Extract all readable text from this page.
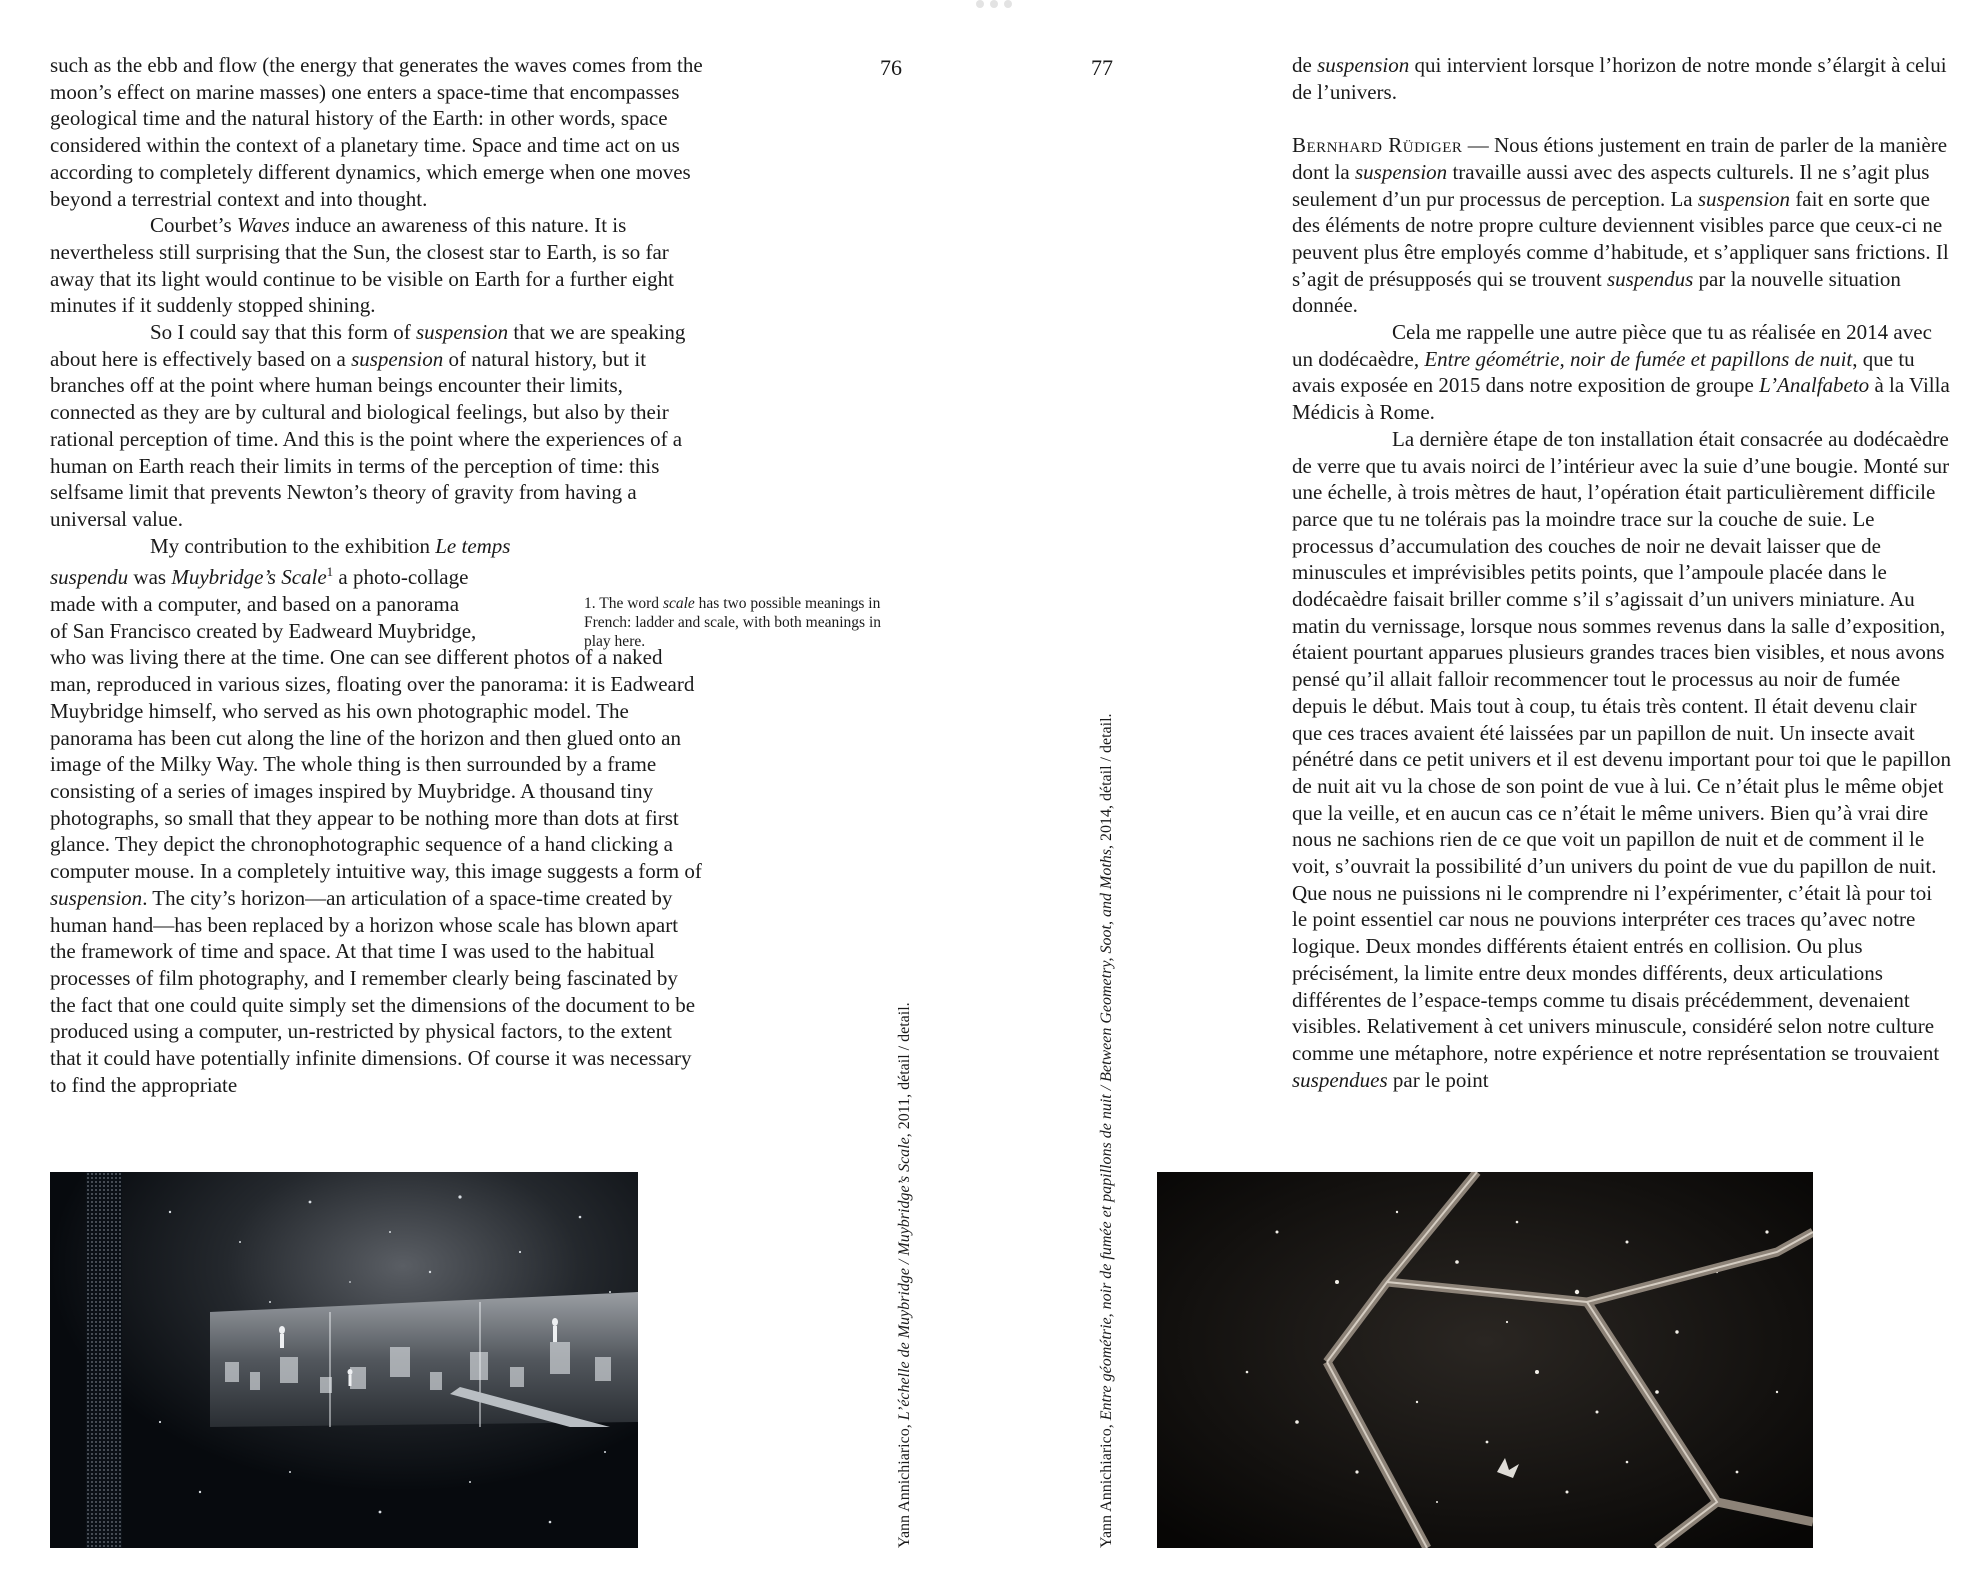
76	77

such as the ebb and flow (the energy that generates the waves comes from the moon’s effect on marine masses) one enters a space-time that encompasses geological time and the natural history of the Earth: in other words, space considered within the context of a planetary time. Space and time act on us according to completely different dynamics, which emerge when one moves beyond a terrestrial context and into thought.

Courbet’s Waves induce an awareness of this nature. It is nevertheless still surprising that the Sun, the closest star to Earth, is so far away that its light would continue to be visible on Earth for a further eight minutes if it suddenly stopped shining.

So I could say that this form of suspension that we are speaking about here is effectively based on a suspension of natural history, but it branches off at the point where human beings encounter their limits, connected as they are by cultural and biological feelings, but also by their rational perception of time. And this is the point where the experiences of a human on Earth reach their limits in terms of the perception of time: this selfsame limit that prevents Newton’s theory of gravity from having a universal value.

My contribution to the exhibition Le temps
suspendu was Muybridge’s Scale$^1$ a photo-collage
made with a computer, and based on a panorama
of San Francisco created by Eadweard Muybridge,
who was living there at the time. One can see different photos of a naked man, reproduced in various sizes, floating over the panorama: it is Eadweard Muybridge himself, who served as his own photographic model. The panorama has been cut along the line of the horizon and then glued onto an image of the Milky Way. The whole thing is then surrounded by a frame consisting of a series of images inspired by Muybridge. A thousand tiny photographs, so small that they appear to be nothing more than dots at first glance. They depict the chronophotographic sequence of a hand clicking a computer mouse. In a completely intuitive way, this image suggests a form of suspension. The city’s horizon—an articulation of a space-time created by human hand—has been replaced by a horizon whose scale has blown apart the framework of time and space. At that time I was used to the habitual processes of film photography, and I remember clearly being fascinated by the fact that one could quite simply set the dimensions of the document to be produced using a computer, un-restricted by physical factors, to the extent that it could have potentially infinite dimensions. Of course it was necessary to find the appropriate

1. The word scale has two possible meanings in French: ladder and scale, with both meanings in play here.
Yann Annichiarico, L’échelle de Muybridge / Muybridge’s Scale, 2011, détail / detail.
Yann Annichiarico, Entre géométrie, noir de fumée et papillons de nuit / Between Geometry, Soot, and Moths, 2014, détail / detail.

de suspension qui intervient lorsque l’horizon de notre monde s’élargit à celui de l’univers.

Bernhard Rüdiger — Nous étions justement en train de parler de la manière dont la suspension travaille aussi avec des aspects culturels. Il ne s’agit plus seulement d’un pur processus de perception. La suspension fait en sorte que des éléments de notre propre culture deviennent visibles parce que ceux-ci ne peuvent plus être employés comme d’habitude, et s’appliquer sans frictions. Il s’agit de présupposés qui se trouvent suspendus par la nouvelle situation donnée.

Cela me rappelle une autre pièce que tu as réalisée en 2014 avec un dodécaèdre, Entre géométrie, noir de fumée et papillons de nuit, que tu avais exposée en 2015 dans notre exposition de groupe L’Analfabeto à la Villa Médicis à Rome.

La dernière étape de ton installation était consacrée au dodécaèdre de verre que tu avais noirci de l’intérieur avec la suie d’une bougie. Monté sur une échelle, à trois mètres de haut, l’opération était particulièrement difficile parce que tu ne tolérais pas la moindre trace sur la couche de suie. Le processus d’accumulation des couches de noir ne devait laisser que de minuscules et imprévisibles petits points, que l’ampoule placée dans le dodécaèdre faisait briller comme s’il s’agissait d’un univers miniature. Au matin du vernissage, lorsque nous sommes revenus dans la salle d’exposition, étaient pourtant apparues plusieurs grandes traces bien visibles, et nous avons pensé qu’il allait falloir recommencer tout le processus au noir de fumée depuis le début. Mais tout à coup, tu étais très content. Il était devenu clair que ces traces avaient été laissées par un papillon de nuit. Un insecte avait pénétré dans ce petit univers et il est devenu important pour toi que le papillon de nuit ait vu la chose de son point de vue à lui. Ce n’était plus le même objet que la veille, et en aucun cas ce n’était le même univers. Bien qu’à vrai dire nous ne sachions rien de ce que voit un papillon de nuit et de comment il le voit, s’ouvrait la possibilité d’un univers du point de vue du papillon de nuit. Que nous ne puissions ni le comprendre ni l’expérimenter, c’était là pour toi le point essentiel car nous ne pouvions interpréter ces traces qu’avec notre logique. Deux mondes différents étaient entrés en collision. Ou plus précisément, la limite entre deux mondes différents, deux articulations différentes de l’espace-temps comme tu disais précédemment, devenaient visibles. Relativement à cet univers minuscule, considéré selon notre culture comme une métaphore, notre expérience et notre représentation se trouvaient suspendues par le point
